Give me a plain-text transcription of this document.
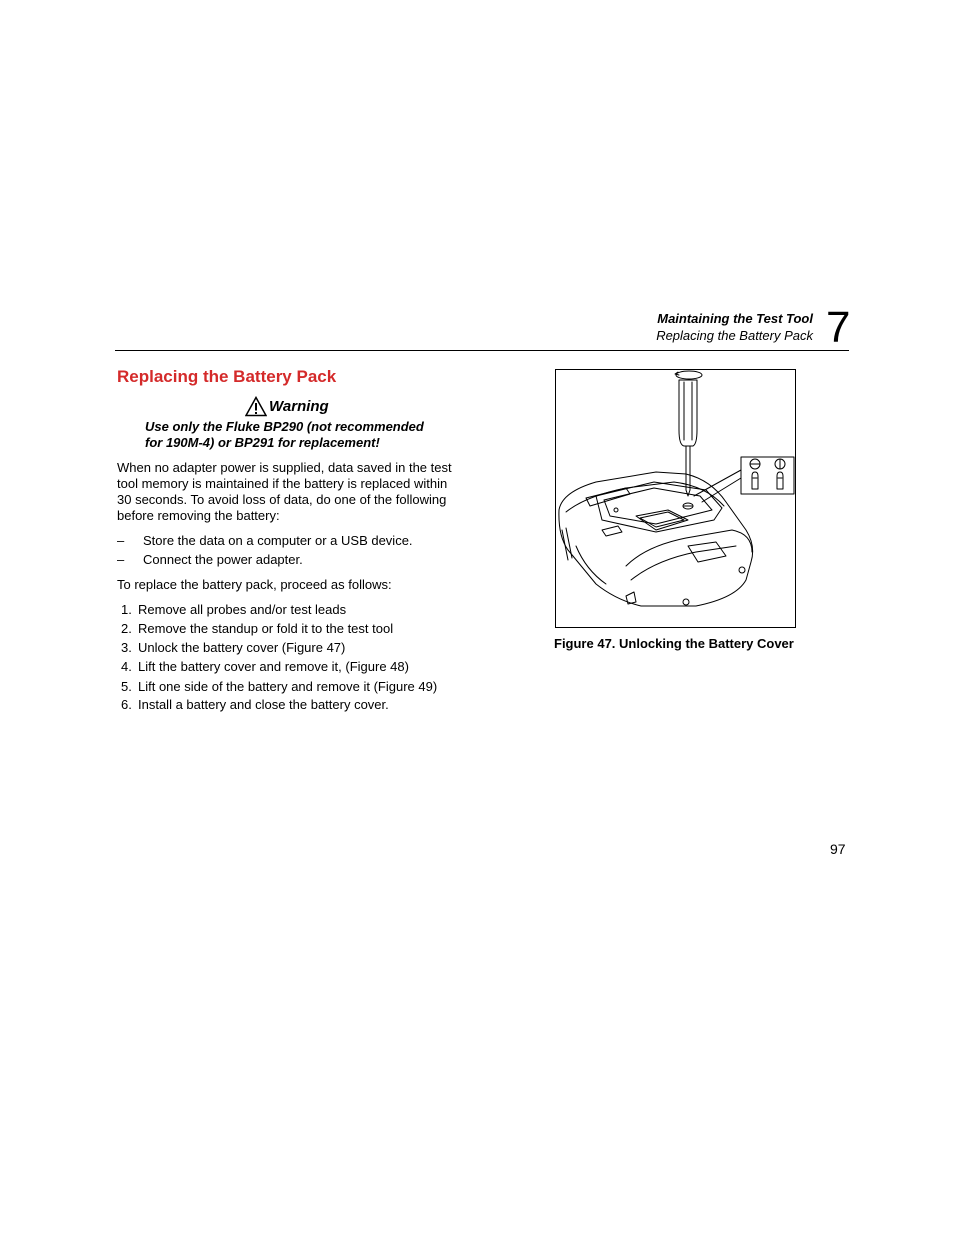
Maintaining the Test Tool
Replacing the Battery Pack 7
Replacing the Battery Pack
Warning
Use only the Fluke BP290 (not recommended
for 190M-4) or BP291 for replacement!
When no adapter power is supplied, data saved in the test
tool memory is maintained if the battery is replaced within
30 seconds. To avoid loss of data, do one of the following
before removing the battery:
– Store the data on a computer or a USB device.
– Connect the power adapter.
To replace the battery pack, proceed as follows:
1. Remove all probes and/or test leads
2. Remove the standup or fold it to the test tool
3. Unlock the battery cover (Figure 47)
4. Lift the battery cover and remove it, (Figure 48)
5. Lift one side of the battery and remove it (Figure 49)
6. Install a battery and close the battery cover.
Figure 47. Unlocking the Battery Cover
97
